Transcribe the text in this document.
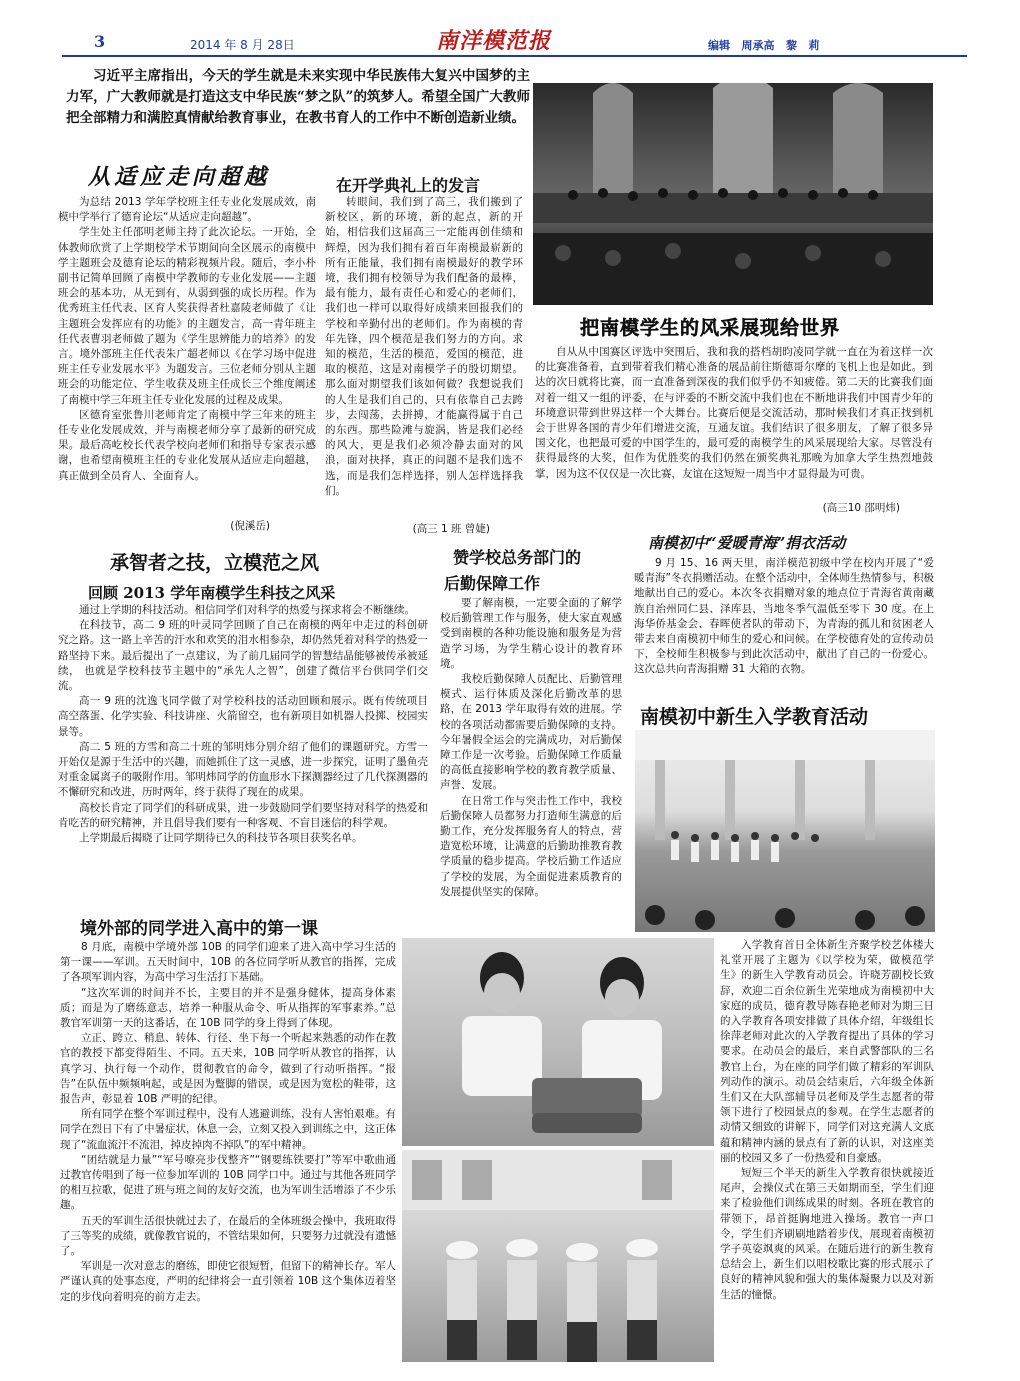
3	2014 年 8 月 28日	南洋模范报	编辑   周承高   黎   莉
习近平主席指出，今天的学生就是未来实现中华民族伟大复兴中国梦的主力军，广大教师就是打造这支中华民族“梦之队”的筑梦人。希望全国广大教师把全部精力和满腔真情献给教育事业，在教书育人的工作中不断创造新业绩。
从适应走向超越

为总结 2013 学年学校班主任专业化发展成效，南模中学举行了德育论坛“从适应走向超越”。

学生处主任邵明老师主持了此次论坛。一开始，全体教师欣赏了上学期校学术节期间向全区展示的南模中学主题班会及德育论坛的精彩视频片段。随后，李小朴副书记简单回顾了南模中学教师的专业化发展——主题班会的基本功，从无到有，从弱到强的成长历程。作为优秀班主任代表、区育人奖获得者杜嘉陵老师做了《让主题班会发挥应有的功能》的主题发言，高一青年班主任代表曹羽老师做了题为《学生思辨能力的培养》的发言。境外部班主任代表朱广超老师以《在学习场中促进班主任专业发展水平》为题发言。三位老师分别从主题班会的功能定位、学生收获及班主任成长三个维度阐述了南模中学三年班主任专业化发展的过程及成果。

区德育室张鲁川老师肯定了南模中学三年来的班主任专业化发展成效，并与南模老师分享了最新的研究成果。最后高屹校长代表学校向老师们和指导专家表示感谢，也希望南模班主任的专业化发展从适应走向超越，真正做到全员育人、全面育人。

(倪溪岳)
在开学典礼上的发言

转眼间，我们到了高三，我们搬到了新校区，新的环境，新的起点，新的开始，相信我们这届高三一定能再创佳绩和辉煌，因为我们拥有着百年南模最崭新的所有正能量，我们拥有南模最好的教学环境，我们拥有校领导为我们配备的最棒，最有能力，最有责任心和爱心的老师们，我们也一样可以取得好成绩来回报我们的学校和辛勤付出的老师们。作为南模的青年先锋，四个模范是我们努力的方向。求知的模范，生活的模范，爱国的模范，进取的模范，这是对南模学子的殷切期望。那么面对期望我们该如何做？我想说我们的人生是我们自己的，只有依靠自己去跨步，去闯荡，去拼搏，才能赢得属于自己的东西。那些险滩与旋涡，皆是我们必经的风大，更是我们必须冷静去面对的风浪，面对抉择，真正的问题不是我们选不选，而是我们怎样选择，别人怎样选择我们。

(高三 1 班 曾婕)
把南模学生的风采展现给世界

自从从中国赛区评选中突围后，我和我的搭档胡昀凌同学就一直在为着这样一次的比赛准备着，直到带着我们精心准备的展品前往斯德哥尔摩的飞机上也是如此。到达的次日就将比赛，而一直准备到深夜的我们似乎仍不知疲倦。第二天的比赛我们面对着一组又一组的评委，在与评委的不断交流中我们也在不断地讲我们中国青少年的环境意识带到世界这样一个大舞台。比赛后便是交流活动，那时候我们才真正找到机会于世界各国的青少年们增进交流，互通友谊。我们结识了很多朋友，了解了很多异国文化，也把最可爱的中国学生的，最可爱的南模学生的风采展现给大家。尽管没有获得最终的大奖，但作为优胜奖的我们仍然在颁奖典礼那晚为加拿大学生热烈地鼓掌，因为这不仅仅是一次比赛，友谊在这短短一周当中才显得最为可贵。

(高三10 邵明炜)
承智者之技，立模范之风
回顾 2013 学年南模学生科技之风采

通过上学期的科技活动。相信同学们对科学的热爱与探求将会不断继续。

在科技节，高二 9 班的叶灵同学回顾了自己在南模的两年中走过的科创研究之路。这一路上辛苦的汗水和欢笑的泪水相参杂，却仍然凭着对科学的热爱一路坚持下来。最后提出了一点建议，为了前几届同学的智慧结晶能够被传承被延续， 也就是学校科技节主题中的“承先人之智”，创建了微信平台供同学们交流。

高一 9 班的沈逸飞同学做了对学校科技的活动回顾和展示。既有传统项目高空落蛋、化学实验、科技讲座、火箭留空，也有新项目如机器人投掷、校园实景等。

高二 5 班的方雪和高二十班的邹明炜分别介绍了他们的课题研究。方雪一开始仅是源于生活中的兴趣，而她抓住了这一灵感，进一步探究，证明了墨鱼壳对重金属离子的吸附作用。邹明炜同学的仿血形水下探测器经过了几代探测器的不懈研究和改进，历时两年，终于获得了现在的成果。

高校长肯定了同学们的科研成果，进一步鼓励同学们要坚持对科学的热爱和肯吃苦的研究精神，并且倡导我们要有一种客观、不盲目迷信的科学观。

上学期最后揭晓了让同学期待已久的科技节各项目获奖名单。

赞学校总务部门的
后勤保障工作

要了解南模，一定要全面的了解学校后勤管理工作与服务，使大家直观感受到南模的各种功能设施和服务是为营造学习场，为学生精心设计的教育环境。

我校后勤保障人员配比、后勤管理模式、运行体质及深化后勤改革的思路，在 2013 学年取得有效的进展。学校的各项活动都需要后勤保障的支持。今年暑假全运会的完满成功，对后勤保障工作是一次考验。后勤保障工作质量的高低直接影响学校的教育教学质量、声誉、发展。

在日常工作与突击性工作中，我校后勤保障人员都努力打造师生满意的后勤工作，充分发挥服务育人的特点，营造宽松环境，让满意的后勤助推教育教学质量的稳步提高。学校后勤工作适应了学校的发展，为全面促进素质教育的发展提供坚实的保障。

南模初中“爱暖青海”捐衣活动

9 月 15、16 两天里，南洋模范初级中学在校内开展了“爱暖青海”冬衣捐赠活动。在整个活动中，全体师生热情参与，积极地献出自己的爱心。本次冬衣捐赠对象的地点位于青海省黄南藏族自治州同仁县、泽库县，当地冬季气温低至零下 30 度。在上海华侨基金会、春晖使者队的带动下，为青海的孤儿和贫困老人带去来自南模初中师生的爱心和问候。在学校德育处的宣传动员下，全校师生积极参与到此次活动中，献出了自己的一份爱心。这次总共向青海捐赠 31 大箱的衣物。

南模初中新生入学教育活动
境外部的同学进入高中的第一课

8 月底，南模中学境外部 10B 的同学们迎来了进入高中学习生活的第一课——军训。五天时间中，10B 的各位同学听从教官的指挥，完成了各项军训内容，为高中学习生活打下基础。

“这次军训的时间并不长，主要目的并不是强身健体，提高身体素质；而是为了磨练意志，培养一种服从命令、听从指挥的军事素养。”总教官军训第一天的这番话，在 10B 同学的身上得到了体现。

立正、跨立、稍息、转体、行径、坐下每一个听起来熟悉的动作在教官的教授下都变得陌生、不同。五天来，10B 同学听从教官的指挥，认真学习、执行每一个动作，贯彻教官的命令，做到了行动听指挥。“报告”在队伍中频频响起，或是因为蹩脚的错误，或是因为宽松的鞋带，这报告声，彰显着 10B 严明的纪律。

所有同学在整个军训过程中，没有人逃避训练，没有人害怕艰难。有同学在烈日下有了中暑症状，休息一会，立刻又投入到训练之中，这正体现了“流血流汗不流泪，掉皮掉肉不掉队”的军中精神。

“团结就是力量”“军号嘹亮步伐整齐”“钢要练铁要打”等军中歌曲通过教官传唱到了每一位参加军训的 10B 同学口中。通过与其他各班同学的相互拉歌，促进了班与班之间的友好交流，也为军训生活增添了不少乐趣。

五天的军训生活很快就过去了，在最后的全体班级会操中，我班取得了三等奖的成绩，就像教官说的，不管结果如何，只要努力过就没有遗憾了。

军训是一次对意志的磨练，即使它很短暂，但留下的精神长存。军人严谨认真的处事态度，严明的纪律将会一直引领着 10B 这个集体迈着坚定的步伐向着明亮的前方走去。

入学教育首日全体新生齐聚学校艺体楼大礼堂开展了主题为《以学校为荣，做模范学生》的新生入学教育动员会。许晓芳副校长致辞，欢迎二百余位新生光荣地成为南模初中大家庭的成员，德育教导陈春艳老师对为期三日的入学教育各项安排做了具体介绍，年级组长徐萍老师对此次的入学教育提出了具体的学习要求。在动员会的最后，来自武警部队的三名教官上台，为在座的同学们做了精彩的军训队列动作的演示。动员会结束后，六年级全体新生们又在大队部辅导员老师及学生志愿者的带领下进行了校园景点的参观。在学生志愿者的动情又细致的讲解下，同学们对这充满人文底蕴和精神内涵的景点有了新的认识，对这座美丽的校园又多了一份热爱和自豪感。

短短三个半天的新生入学教育很快就接近尾声，会操仪式在第三天如期而至，学生们迎来了检验他们训练成果的时刻。各班在教官的带领下，昂首挺胸地进入操场。教官一声口令，学生们齐刷刷地踏着步伐，展现着南模初学子英姿飒爽的风采。在随后进行的新生教育总结会上，新生们以唱校歌比赛的形式展示了良好的精神风貌和强大的集体凝聚力以及对新生活的憧憬。
